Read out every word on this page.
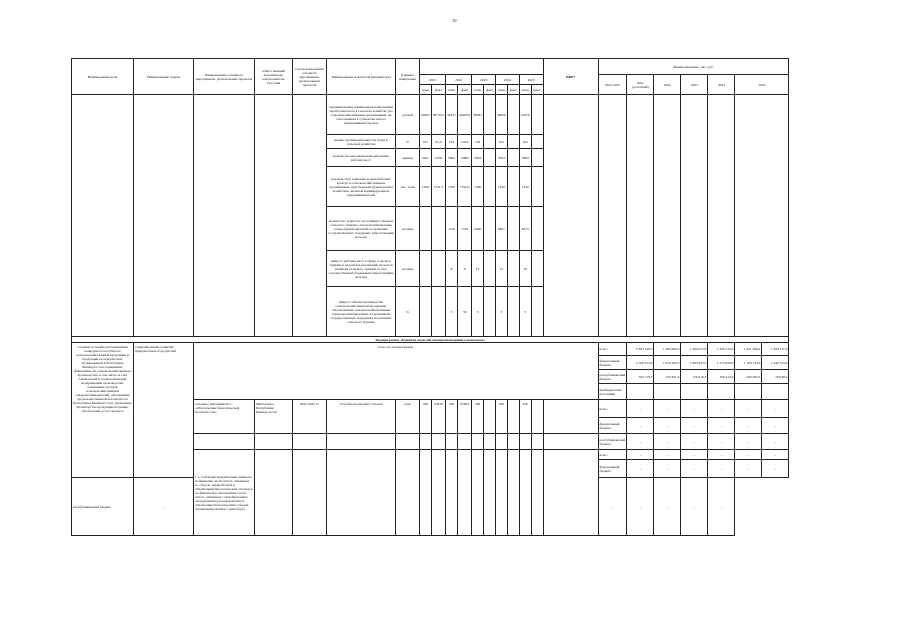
30
Наименование цели	Наименование задачи	Наименование основного мероприятия, региональных проектов	Ответственный исполнитель, соисполнитель, участник	Сроки выполнения основного мероприятия, региональных проектов	Наименование показателя (индикатора)	Единица измере-ния											ЦКР*	Финансирование, тыс. руб.						
							2021		2022		2023		2024		2025			2022-2025	2021 (отчетный)	2022	2023	2024	2025	
							план	факт	план	факт	план	факт	план	факт	план	факт								
					среднемесячная номинальная начисленная заработная плата в сельском хозяйстве (по сельскохозяйственным организациям, не относящимся к субъектам малого предпринимательства)	рублей	34403	36733,2	36137	43460,9	38081		39059		41976									
					индекс производительности труда в сельском хозяйстве	%	107	81,6	103	110,9	103		105		102									
					количество высокопроизводительных рабочих мест	единиц	5581	14797	5864	14895	5904		5944		5984									
					валовой сбор зерновых и зернобобовых культур в сельскохозяйственных организациях, крестьянских (фермерских) хозяйствах, включая индивидуальных предпринимателей	тыс. тонн	1230	1721,3	1250	1792,9	1360		1450		1450									
					количество туристов, посетивших объекты сельского туризма сельскохозяйственных товаропроизводителей, получивших государственную поддержку (нарастающим итогом)	человек			1150	1794	9400		9827		8473									
					прирост рабочих мест в сфере сельского туризма в результате реализации проектов развития сельского туризма за счет государственной поддержки (нарастающим итогом)	человек			8	8	12		15		16									
					прирост объема производства сельскохозяйственной продукции, обеспеченный сельскохозяйственными товаропроизводителями, получившими государственную поддержку на развитие сельского туризма	%			3	33	3		3		3									
Подпрограмма «Развитие отраслей агропромышленного комплекса»																								
создание условий для повышения конкурентоспособности сельскохозяйственной продукции и продукции ее переработки, производимой в Республике Башкортостан, повышение эффективности сельскохозяйственного производства, в том числе за счет технической и технологической модернизации производства, повышение доходов сельскохозяйственных товаропроизводителей, обеспечение продовольственной безопасности Республики Башкортостан, увеличение производства продукции на рынке, обеспечение роста экспорта	стимулирование развития приоритетных подотраслей	всего по подпрограмме																всего	5 493 149,1	1 285 089,3	1 282 017,8	1 326 134,3	1 451 566,2	1 328 211,6
																		федеральный бюджет	4 706 523,9	1 034 200,5	1 083 937,3	1 274 828,0	1 108 734,0	1 240 744,9
																		республиканский бюджет	782 719,7	150 301,3	156 619,3	190 313,9	269 285,3	76 048,2
																		внебюджетные источники						
		основное мероприятие 1. «Обеспечение биологической безопасности»	Минсельхоз Республики Башкортостан	2022-2025 гг.	сбор биологических отходов	тонн	350	54278	350	67904	350		350		350			всего	-	-	-	-	-	-
																		федеральный бюджет	-	-	-	-	-	-
																		республиканский бюджет	-	-	-	-	-	-
		1.1. Субсидии юридическим лицам на возмещение части затрат, связанных со сбором, переработкой и утилизацией биологических отходов и на финансовое обеспечение части затрат, связанных с приобретением оборудования для переработки и утилизации биологических отходов, специализированного транспорта																всего	-	-	-	-	-	-
																		федеральный бюджет	-	-	-	-	-	-
республиканский бюджет	-																	-	-	-	-	-		
